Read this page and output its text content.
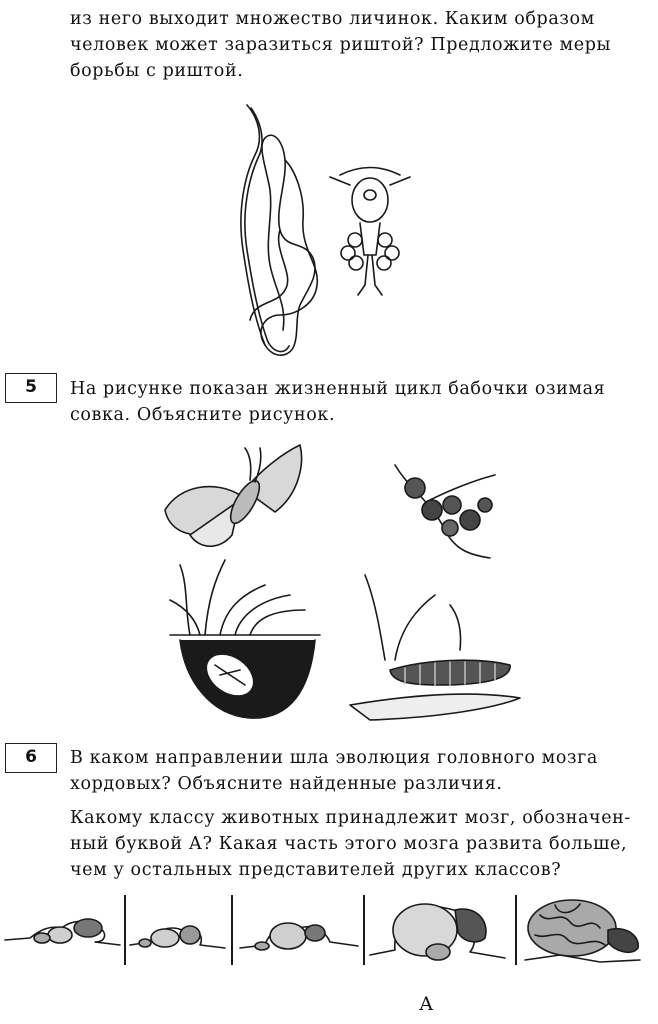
из него выходит множество личинок. Каким образом
человек может заразиться риштой? Предложите меры
борьбы с риштой.
5	На рисунке показан жизненный цикл бабочки озимая
совка. Объясните рисунок.
6	В каком направлении шла эволюция головного мозга
хордовых? Объясните найденные различия.
Какому классу животных принадлежит мозг, обозначен-
ный буквой А? Какая часть этого мозга развита больше,
чем у остальных представителей других классов?
А
